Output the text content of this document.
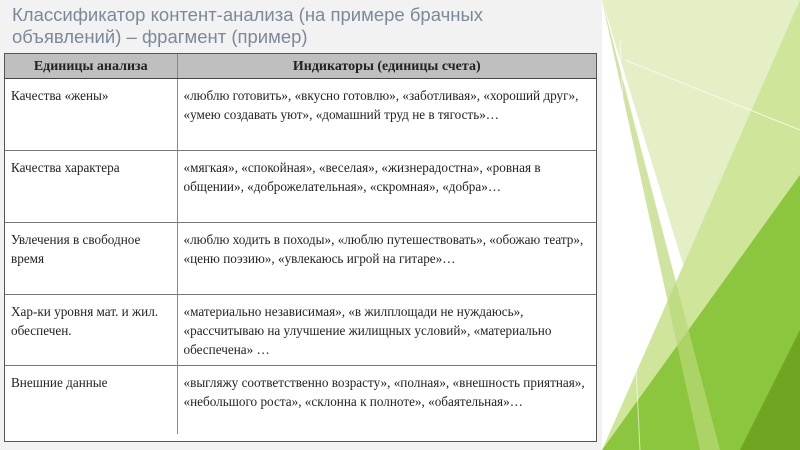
Классификатор контент-анализа (на примере брачных
объявлений) – фрагмент (пример)
Единицы анализа	Индикаторы (единицы счета)
Качества «жены»	«люблю готовить», «вкусно готовлю», «заботливая», «хороший друг», «умею создавать уют», «домашний труд не в тягость»…
Качества характера	«мягкая», «спокойная», «веселая», «жизнерадостна», «ровная в общении», «доброжелательная», «скромная», «добра»…
Увлечения в свободное время	«люблю ходить в походы», «люблю путешествовать», «обожаю театр», «ценю поэзию», «увлекаюсь игрой на гитаре»…
Хар-ки уровня мат. и жил. обеспечен.	«материально независимая», «в жилплощади не нуждаюсь», «рассчитываю на улучшение жилищных условий», «материально обеспечена» …
Внешние данные	«выгляжу соответственно возрасту», «полная», «внешность приятная», «небольшого роста», «склонна к полноте», «обаятельная»…
